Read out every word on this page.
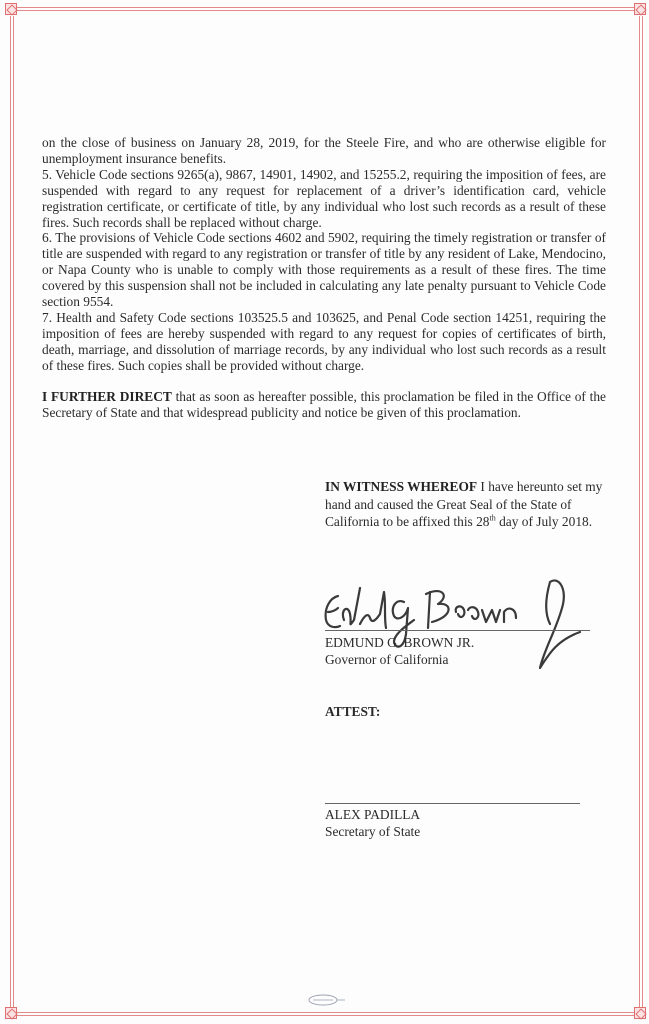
on the close of business on January 28, 2019, for the Steele Fire, and who are otherwise eligible for unemployment insurance benefits.

5. Vehicle Code sections 9265(a), 9867, 14901, 14902, and 15255.2, requiring the imposition of fees, are suspended with regard to any request for replacement of a driver’s identification card, vehicle registration certificate, or certificate of title, by any individual who lost such records as a result of these fires. Such records shall be replaced without charge.

6. The provisions of Vehicle Code sections 4602 and 5902, requiring the timely registration or transfer of title are suspended with regard to any registration or transfer of title by any resident of Lake, Mendocino, or Napa County who is unable to comply with those requirements as a result of these fires. The time covered by this suspension shall not be included in calculating any late penalty pursuant to Vehicle Code section 9554.

7. Health and Safety Code sections 103525.5 and 103625, and Penal Code section 14251, requiring the imposition of fees are hereby suspended with regard to any request for copies of certificates of birth, death, marriage, and dissolution of marriage records, by any individual who lost such records as a result of these fires. Such copies shall be provided without charge.

I FURTHER DIRECT that as soon as hereafter possible, this proclamation be filed in the Office of the Secretary of State and that widespread publicity and notice be given of this proclamation.

IN WITNESS WHEREOF I have hereunto set my hand and caused the Great Seal of the State of California to be affixed this 28th day of July 2018.

Edmund G. Brown
EDMUND G. BROWN JR.
Governor of California
ATTEST:
ALEX PADILLA
Secretary of State
